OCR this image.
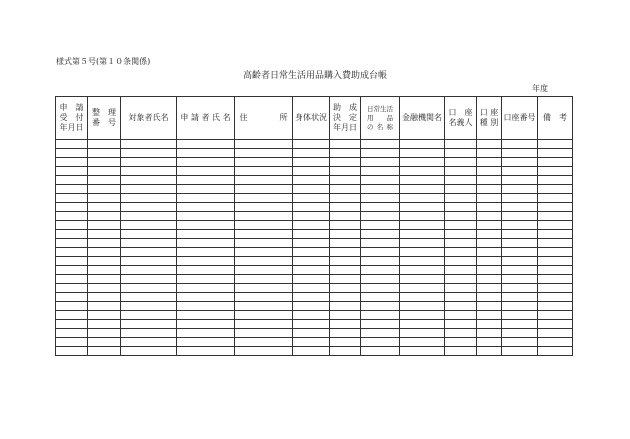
様式第５号(第１０条関係)
高齢者日常生活用品購入費助成台帳
年度
申　請
受　付
年月日	整　理
番　号	対象者氏名	申 請 者 氏 名	住　　　　所	身体状況	助　成
決　定
年月日	日常生活
用　　品
の 名 称	金融機関名	口　座
名義人	口 座
種 別	口座番号	備　考
